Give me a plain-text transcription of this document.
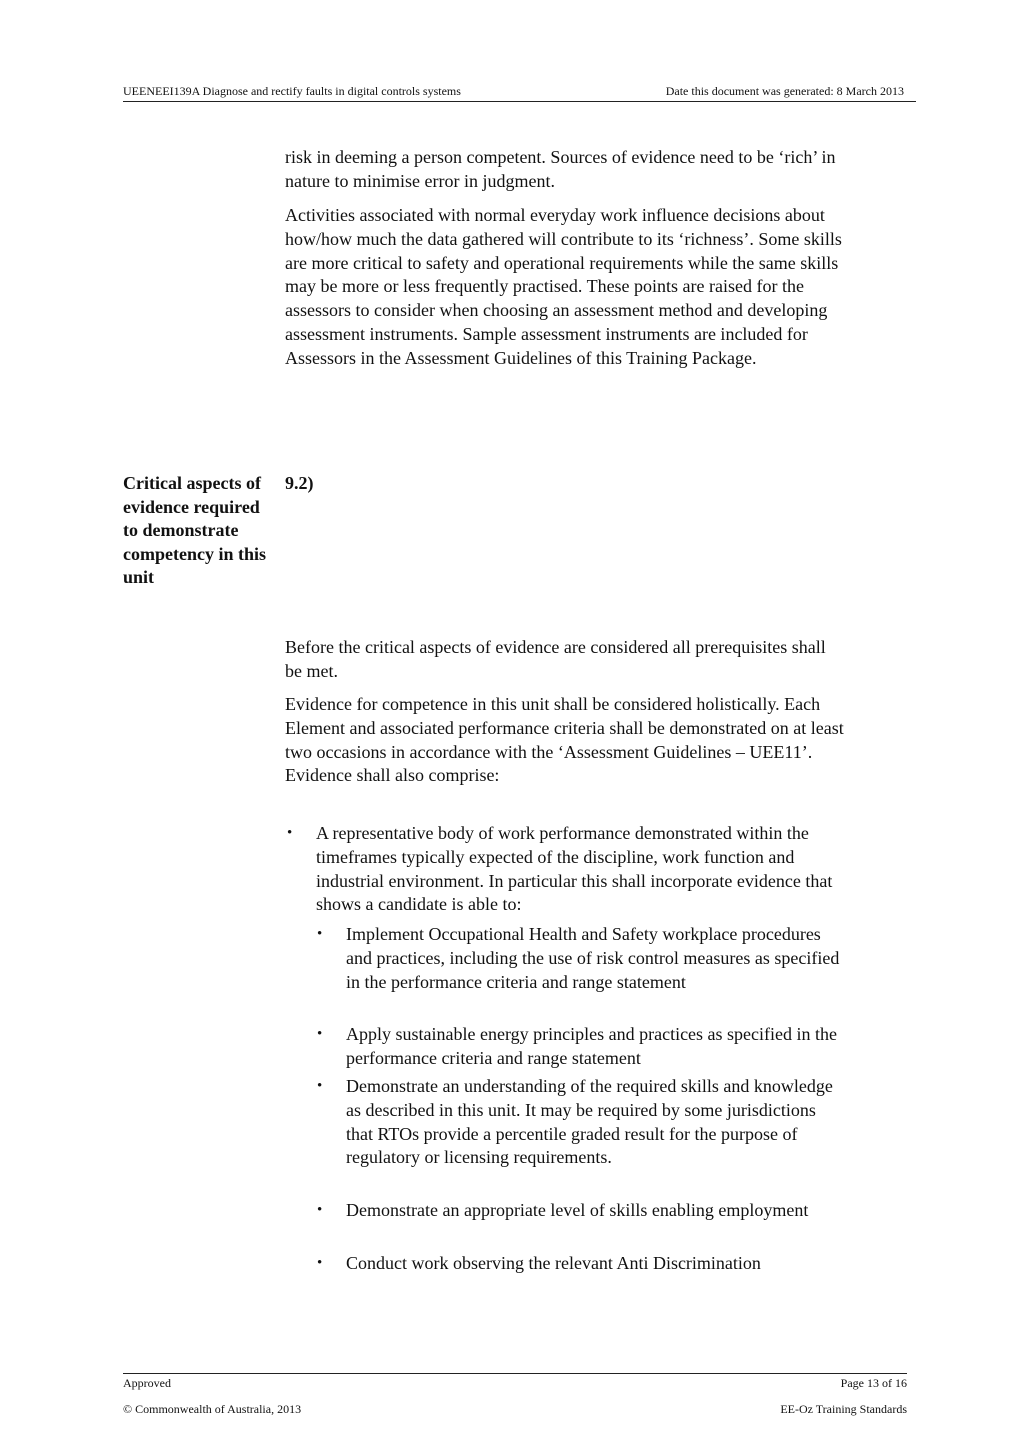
UEENEEI139A Diagnose and rectify faults in digital controls systems	Date this document was generated: 8 March 2013

risk in deeming a person competent. Sources of evidence need to be ‘rich’ in nature to minimise error in judgment.

Activities associated with normal everyday work influence decisions about how/how much the data gathered will contribute to its ‘richness’. Some skills are more critical to safety and operational requirements while the same skills may be more or less frequently practised. These points are raised for the assessors to consider when choosing an assessment method and developing assessment instruments. Sample assessment instruments are included for Assessors in the Assessment Guidelines of this Training Package.

Critical aspects of evidence required to demonstrate competency in this unit
9.2)

Before the critical aspects of evidence are considered all prerequisites shall be met.

Evidence for competence in this unit shall be considered holistically. Each Element and associated performance criteria shall be demonstrated on at least two occasions in accordance with the ‘Assessment Guidelines – UEE11’. Evidence shall also comprise:

• A representative body of work performance demonstrated within the timeframes typically expected of the discipline, work function and industrial environment. In particular this shall incorporate evidence that shows a candidate is able to:
• Implement Occupational Health and Safety workplace procedures and practices, including the use of risk control measures as specified in the performance criteria and range statement
• Apply sustainable energy principles and practices as specified in the performance criteria and range statement
• Demonstrate an understanding of the required skills and knowledge as described in this unit. It may be required by some jurisdictions that RTOs provide a percentile graded result for the purpose of regulatory or licensing requirements.
• Demonstrate an appropriate level of skills enabling employment
• Conduct work observing the relevant Anti Discrimination
Approved	Page 13 of 16
© Commonwealth of Australia, 2013	EE-Oz Training Standards
